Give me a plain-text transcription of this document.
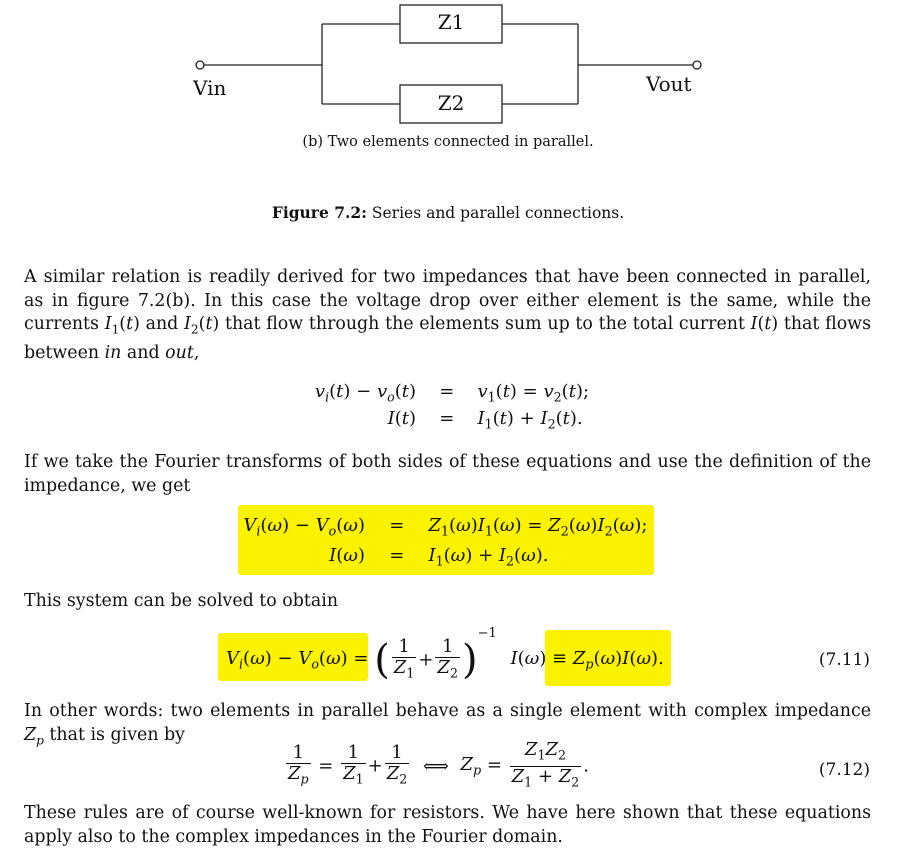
Z1
Z2
Vin	Vout
(b) Two elements connected in parallel.
Figure 7.2: Series and parallel connections.
A similar relation is readily derived for two impedances that have been connected in parallel, as in figure 7.2(b). In this case the voltage drop over either element is the same, while the currents $I_1(t)$ and $I_2(t)$ that flow through the elements sum up to the total current I(t) that flows between in and out,
$v_i(t) - v_o(t) = v_1(t) = v_2(t)$;
$I(t) = I_1(t) + I_2(t)$.
If we take the Fourier transforms of both sides of these equations and use the definition of the impedance, we get
$V_i(\omega) - V_o(\omega) = Z_1(\omega)I_1(\omega) = Z_2(\omega)I_2(\omega)$;
$I(\omega) = I_1(\omega) + I_2(\omega)$.
This system can be solved to obtain
$V_i(\omega) - V_o(\omega)$ = ( $\frac{1}{Z_1} + \frac{1}{Z_2} )^{-1}$ $I(\omega) \equiv Z_p(\omega)I(\omega)$.	(7.11)
In other words: two elements in parallel behave as a single element with complex impedance $Z_p$ that is given by
$\frac{1}{Z_p} = \frac{1}{Z_1} + \frac{1}{Z_2}$ ⟺ $Z_p = \frac{Z_1Z_2}{Z_1 + Z_2}$ .	(7.12)
These rules are of course well-known for resistors. We have here shown that these equations apply also to the complex impedances in the Fourier domain.
